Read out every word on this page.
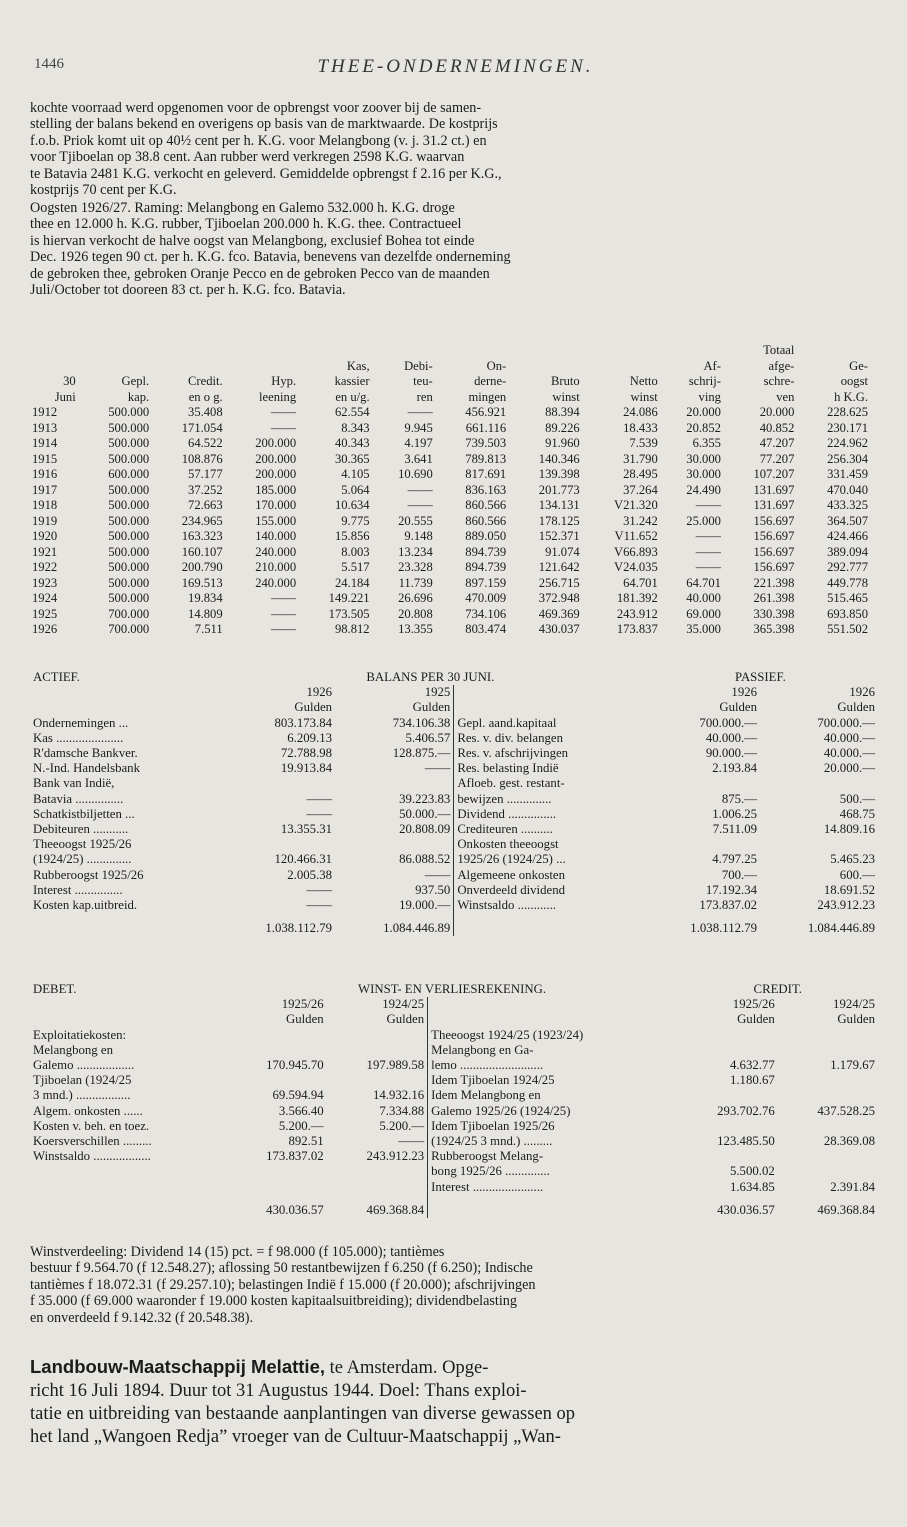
1446	THEE-ONDERNEMINGEN.
kochte voorraad werd opgenomen voor de opbrengst voor zoover bij de samen-
stelling der balans bekend en overigens op basis van de marktwaarde. De kostprijs
f.o.b. Priok komt uit op 40½ cent per h. K.G. voor Melangbong (v. j. 31.2 ct.) en
voor Tjiboelan op 38.8 cent. Aan rubber werd verkregen 2598 K.G. waarvan
te Batavia 2481 K.G. verkocht en geleverd. Gemiddelde opbrengst f 2.16 per K.G.,
kostprijs 70 cent per K.G.
Oogsten 1926/27. Raming: Melangbong en Galemo 532.000 h. K.G. droge
thee en 12.000 h. K.G. rubber, Tjiboelan 200.000 h. K.G. thee. Contractueel
is hiervan verkocht de halve oogst van Melangbong, exclusief Bohea tot einde
Dec. 1926 tegen 90 ct. per h. K.G. fco. Batavia, benevens van dezelfde onderneming
de gebroken thee, gebroken Oranje Pecco en de gebroken Pecco van de maanden
Juli/October tot dooreen 83 ct. per h. K.G. fco. Batavia.
										Totaal	
				Kas,	Debi-	On-			Af-	afge-	Ge-
30	Gepl.	Credit.	Hyp.	kassier	teu-	derne-	Bruto	Netto	schrij-	schre-	oogst
Juni	kap.	en o g.	leening	en u/g.	ren	mingen	winst	winst	ving	ven	h K.G.
1912	500.000	35.408	——	62.554	——	456.921	88.394	24.086	20.000	20.000	228.625
1913	500.000	171.054	——	8.343	9.945	661.116	89.226	18.433	20.852	40.852	230.171
1914	500.000	64.522	200.000	40.343	4.197	739.503	91.960	7.539	6.355	47.207	224.962
1915	500.000	108.876	200.000	30.365	3.641	789.813	140.346	31.790	30.000	77.207	256.304
1916	600.000	57.177	200.000	4.105	10.690	817.691	139.398	28.495	30.000	107.207	331.459
1917	500.000	37.252	185.000	5.064	——	836.163	201.773	37.264	24.490	131.697	470.040
1918	500.000	72.663	170.000	10.634	——	860.566	134.131	V21.320	——	131.697	433.325
1919	500.000	234.965	155.000	9.775	20.555	860.566	178.125	31.242	25.000	156.697	364.507
1920	500.000	163.323	140.000	15.856	9.148	889.050	152.371	V11.652	——	156.697	424.466
1921	500.000	160.107	240.000	8.003	13.234	894.739	91.074	V66.893	——	156.697	389.094
1922	500.000	200.790	210.000	5.517	23.328	894.739	121.642	V24.035	——	156.697	292.777
1923	500.000	169.513	240.000	24.184	11.739	897.159	256.715	64.701	64.701	221.398	449.778
1924	500.000	19.834	——	149.221	26.696	470.009	372.948	181.392	40.000	261.398	515.465
1925	700.000	14.809	——	173.505	20.808	734.106	469.369	243.912	69.000	330.398	693.850
1926	700.000	7.511	——	98.812	13.355	803.474	430.037	173.837	35.000	365.398	551.502
ACTIEF.	BALANS PER 30 JUNI.			PASSIEF.	
	1926	1925		1926	1926
	Gulden	Gulden		Gulden	Gulden
Ondernemingen ...	803.173.84	734.106.38	Gepl. aand.kapitaal	700.000.—	700.000.—
Kas .....................	6.209.13	5.406.57	Res. v. div. belangen	40.000.—	40.000.—
R'damsche Bankver.	72.788.98	128.875.—	Res. v. afschrijvingen	90.000.—	40.000.—
N.-Ind. Handelsbank	19.913.84	——	Res. belasting Indië	2.193.84	20.000.—
Bank van Indië,			Afloeb. gest. restant-		
Batavia ...............	——	39.223.83	bewijzen ..............	875.—	500.—
Schatkistbiljetten ...	——	50.000.—	Dividend ...............	1.006.25	468.75
Debiteuren ...........	13.355.31	20.808.09	Crediteuren ..........	7.511.09	14.809.16
Theeoogst 1925/26			Onkosten theeoogst		
(1924/25) ..............	120.466.31	86.088.52	1925/26 (1924/25) ...	4.797.25	5.465.23
Rubberoogst 1925/26	2.005.38	——	Algemeene onkosten	700.—	600.—
Interest ...............	——	937.50	Onverdeeld dividend	17.192.34	18.691.52
Kosten kap.uitbreid.	——	19.000.—	Winstsaldo ............	173.837.02	243.912.23
	1.038.112.79	1.084.446.89		1.038.112.79	1.084.446.89
DEBET.	WINST- EN VERLIESREKENING.			CREDIT.	
	1925/26	1924/25		1925/26	1924/25
	Gulden	Gulden		Gulden	Gulden
Exploitatiekosten:			Theeoogst 1924/25 (1923/24)		
Melangbong en			Melangbong en Ga-		
Galemo ..................	170.945.70	197.989.58	lemo ..........................	4.632.77	1.179.67
Tjiboelan (1924/25			Idem Tjiboelan 1924/25	1.180.67	
3 mnd.) .................	69.594.94	14.932.16	Idem Melangbong en		
Algem. onkosten ......	3.566.40	7.334.88	Galemo 1925/26 (1924/25)	293.702.76	437.528.25
Kosten v. beh. en toez.	5.200.—	5.200.—	Idem Tjiboelan 1925/26		
Koersverschillen .........	892.51	——	(1924/25 3 mnd.) .........	123.485.50	28.369.08
Winstsaldo ..................	173.837.02	243.912.23	Rubberoogst Melang-		
			bong 1925/26 ..............	5.500.02	
			Interest ......................	1.634.85	2.391.84
	430.036.57	469.368.84		430.036.57	469.368.84
Winstverdeeling: Dividend 14 (15) pct. = f 98.000 (f 105.000); tantièmes
bestuur f 9.564.70 (f 12.548.27); aflossing 50 restantbewijzen f 6.250 (f 6.250); Indische
tantièmes f 18.072.31 (f 29.257.10); belastingen Indië f 15.000 (f 20.000); afschrijvingen
f 35.000 (f 69.000 waaronder f 19.000 kosten kapitaalsuitbreiding); dividendbelasting
en onverdeeld f 9.142.32 (f 20.548.38).
Landbouw-Maatschappij Melattie, te Amsterdam. Opge-
richt 16 Juli 1894. Duur tot 31 Augustus 1944. Doel: Thans exploi-
tatie en uitbreiding van bestaande aanplantingen van diverse gewassen op
het land „Wangoen Redja” vroeger van de Cultuur-Maatschappij „Wan-
